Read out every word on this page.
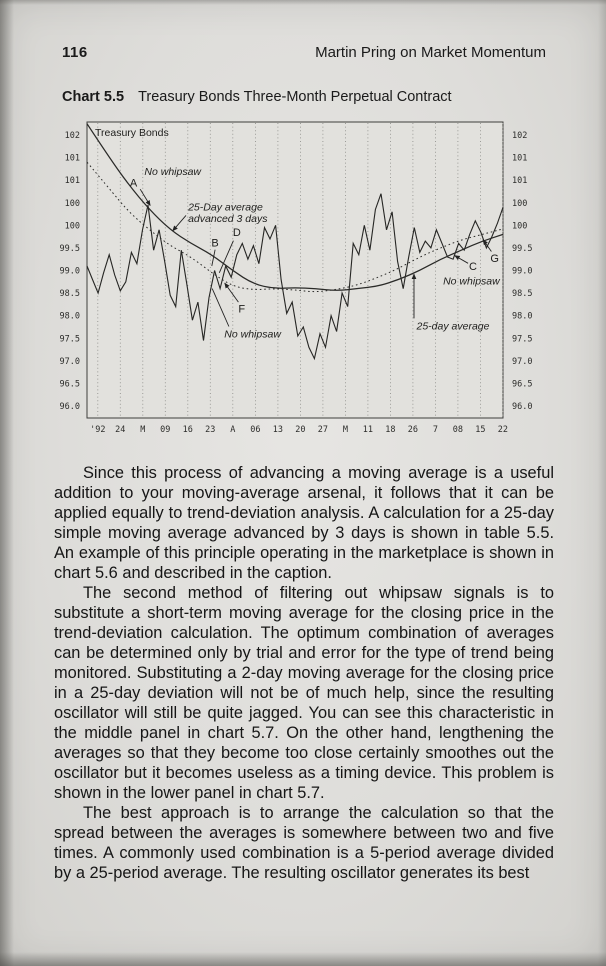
116	Martin Pring on Market Momentum
Chart 5.5 Treasury Bonds Three-Month Perpetual Contract
'92 24 M 09 16 23 A 06 13 20 27 M 11 18 26 7 08 15 22
102	102
101	101
101	101
100	100
100	100
99.5	99.5
99.0	99.0
98.5	98.5
98.0	98.0
97.5	97.5
97.0	97.0
96.5	96.5
96.0	96.0
Treasury Bonds
A
No whipsaw
25-Day average
advanced 3 days
B
D
F
No whipsaw
25-day average
No whipsaw
C
G

Since this process of advancing a moving average is a useful addition to your moving-average arsenal, it follows that it can be applied equally to trend-deviation analysis. A calculation for a 25-day simple moving average advanced by 3 days is shown in table 5.5. An example of this principle operating in the marketplace is shown in chart 5.6 and described in the caption.

The second method of filtering out whipsaw signals is to substitute a short-term moving average for the closing price in the trend-deviation calculation. The optimum combination of averages can be determined only by trial and error for the type of trend being monitored. Substituting a 2-day moving average for the closing price in a 25-day deviation will not be of much help, since the resulting oscillator will still be quite jagged. You can see this characteristic in the middle panel in chart 5.7. On the other hand, lengthening the averages so that they become too close certainly smoothes out the oscillator but it becomes useless as a timing device. This problem is shown in the lower panel in chart 5.7.

The best approach is to arrange the calculation so that the spread between the averages is somewhere between two and five times. A commonly used combination is a 5-period average divided by a 25-period average. The resulting oscillator generates its best
